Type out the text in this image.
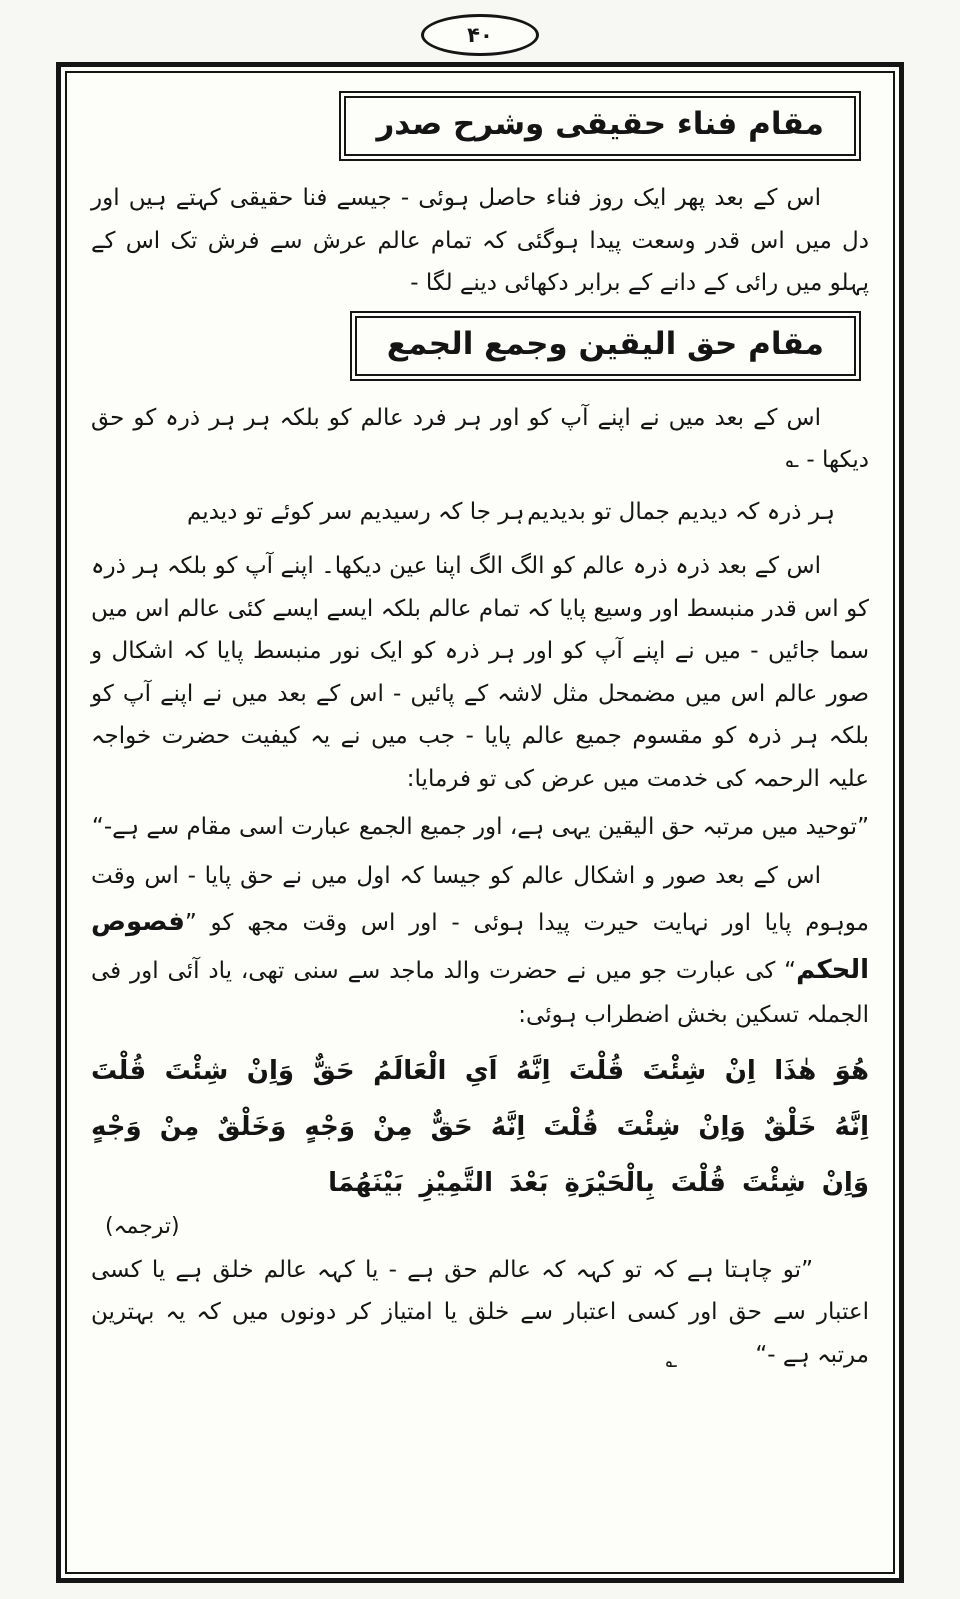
۴۰
مقام فناء حقیقی وشرح صدر

اس کے بعد پھر ایک روز فناء حاصل ہوئی - جیسے فنا حقیقی کہتے ہیں اور دل میں اس قدر وسعت پیدا ہوگئی کہ تمام عالم عرش سے فرش تک اس کے پہلو میں رائی کے دانے کے برابر دکھائی دینے لگا -

مقام حق الیقین وجمع الجمع

اس کے بعد میں نے اپنے آپ کو اور ہر فرد عالم کو بلکہ ہر ہر ذرہ کو حق دیکھا - ؎

ہر ذرہ کہ دیدیم جمال تو بدیدیم
ہر جا کہ رسیدیم سر کوئے تو دیدیم

اس کے بعد ذرہ ذرہ عالم کو الگ الگ اپنا عین دیکھا۔ اپنے آپ کو بلکہ ہر ذرہ کو اس قدر منبسط اور وسیع پایا کہ تمام عالم بلکہ ایسے ایسے کئی عالم اس میں سما جائیں - میں نے اپنے آپ کو اور ہر ذرہ کو ایک نور منبسط پایا کہ اشکال و صور عالم اس میں مضمحل مثل لاشہ کے پائیں - اس کے بعد میں نے اپنے آپ کو بلکہ ہر ذرہ کو مقسوم جمیع عالم پایا - جب میں نے یہ کیفیت حضرت خواجہ علیہ الرحمہ کی خدمت میں عرض کی تو فرمایا:

”توحید میں مرتبہ حق الیقین یہی ہے، اور جمیع الجمع عبارت اسی مقام سے ہے-“

اس کے بعد صور و اشکال عالم کو جیسا کہ اول میں نے حق پایا - اس وقت موہوم پایا اور نہایت حیرت پیدا ہوئی - اور اس وقت مجھ کو ”فصوص الحکم“ کی عبارت جو میں نے حضرت والد ماجد سے سنی تھی، یاد آئی اور فی الجملہ تسکین بخش اضطراب ہوئی:

هُوَ هٰذَا اِنْ شِئْتَ قُلْتَ اِنَّهُ اَیِ الْعَالَمُ حَقٌّ وَاِنْ شِئْتَ قُلْتَ اِنَّهُ خَلْقٌ وَاِنْ شِئْتَ قُلْتَ اِنَّهُ حَقٌّ مِنْ وَجْهٍ وَخَلْقٌ مِنْ وَجْهٍ وَاِنْ شِئْتَ قُلْتَ بِالْحَیْرَةِ بَعْدَ التَّمِیْزِ بَیْنَهُمَا

(ترجمہ)

”تو چاہتا ہے کہ تو کہہ کہ عالم حق ہے - یا کہہ عالم خلق ہے یا کسی اعتبار سے حق اور کسی اعتبار سے خلق یا امتیاز کر دونوں میں کہ یہ بہترین مرتبہ ہے -“؎
